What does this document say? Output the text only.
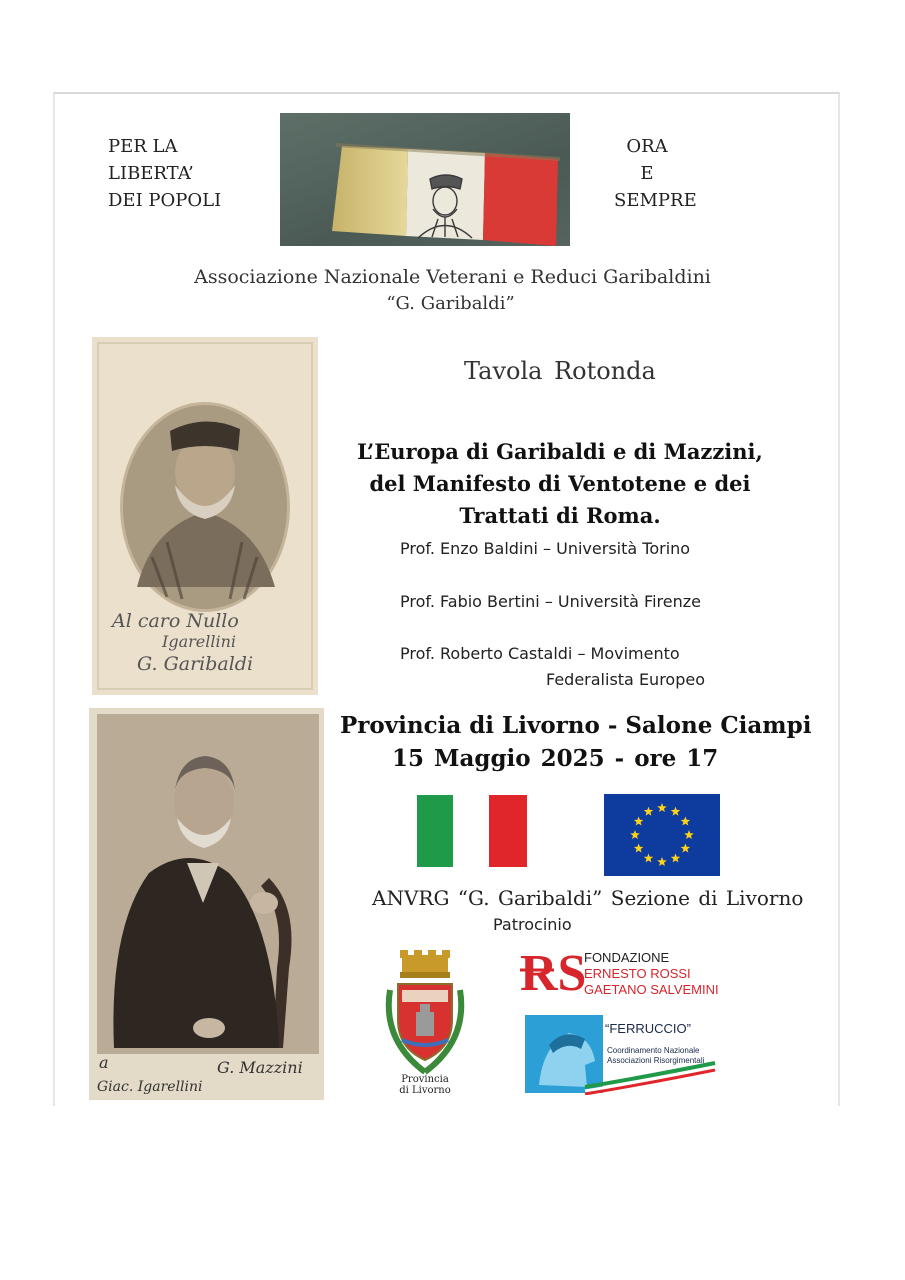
PER LA
LIBERTA’
DEI POPOLI
ORA
E
SEMPRE
Associazione Nazionale Veterani e Reduci Garibaldini
“G. Garibaldi”
Al caro Nullo
Igarellini
G. Garibaldi
a
Giac. Igarellini
G. Mazzini
Tavola Rotonda
L’Europa di Garibaldi e di Mazzini,
del Manifesto di Ventotene e dei
Trattati di Roma.
Prof. Enzo Baldini – Università Torino
Prof. Fabio Bertini – Università Firenze
Prof. Roberto Castaldi – Movimento
Federalista Europeo
Provincia di Livorno - Salone Ciampi
15 Maggio 2025 - ore 17
ANVRG “G. Garibaldi” Sezione di Livorno
Patrocinio
Provincia
di Livorno
RS
FONDAZIONE
ERNESTO ROSSI
GAETANO SALVEMINI
“FERRUCCIO”
Coordinamento Nazionale
Associazioni Risorgimentali
